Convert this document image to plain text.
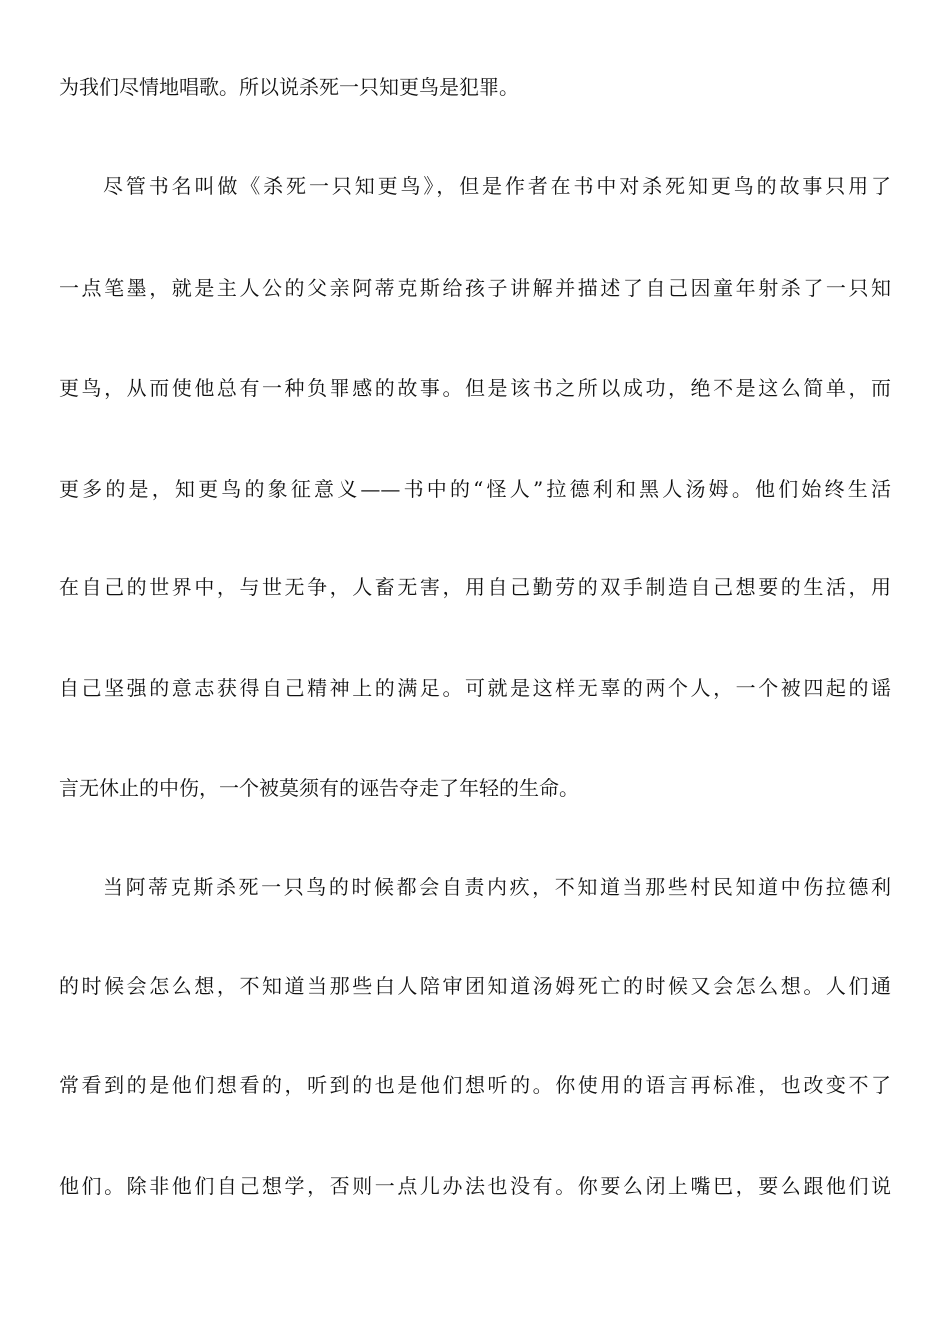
为我们尽情地唱歌。所以说杀死一只知更鸟是犯罪。
尽管书名叫做《杀死一只知更鸟》，但是作者在书中对杀死知更鸟的故事只用了
一点笔墨，就是主人公的父亲阿蒂克斯给孩子讲解并描述了自己因童年射杀了一只知
更鸟，从而使他总有一种负罪感的故事。但是该书之所以成功，绝不是这么简单，而
更多的是，知更鸟的象征意义——书中的“怪人”拉德利和黑人汤姆。他们始终生活
在自己的世界中，与世无争，人畜无害，用自己勤劳的双手制造自己想要的生活，用
自己坚强的意志获得自己精神上的满足。可就是这样无辜的两个人，一个被四起的谣
言无休止的中伤，一个被莫须有的诬告夺走了年轻的生命。
当阿蒂克斯杀死一只鸟的时候都会自责内疚，不知道当那些村民知道中伤拉德利
的时候会怎么想，不知道当那些白人陪审团知道汤姆死亡的时候又会怎么想。人们通
常看到的是他们想看的，听到的也是他们想听的。你使用的语言再标准，也改变不了
他们。除非他们自己想学，否则一点儿办法也没有。你要么闭上嘴巴，要么跟他们说
